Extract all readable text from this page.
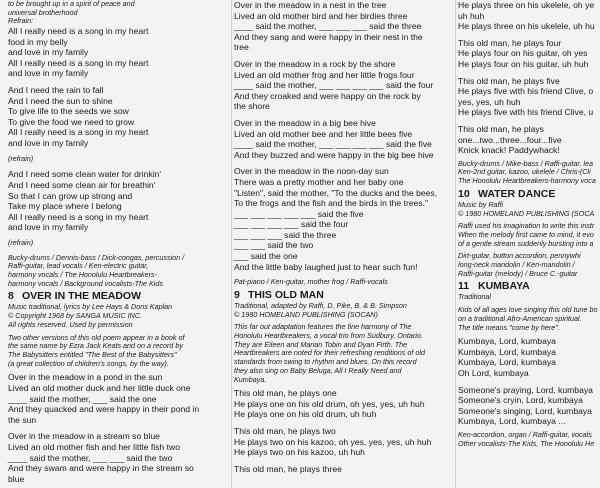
to be brought up in a spirit of peace and
universal brotherhood
Refrain:
All I really need is a song in my heart
food in my belly
and love in my family
All I really need is a song in my heart
and love in my family
And I need the rain to fall
And I need the sun to shine
To give life to the seeds we sow
To give the food we need to grow
All I really need is a song in my heart
and love in my family
(refrain)
And I need some clean water for drinkin'
And I need some clean air for breathin'
So that I can grow up strong and
Take my place where I belong
All I really need is a song in my heart
and love in my family
(refrain)
Bucky-drums / Dennis-bass / Dick-congas, percussion /
Raffi-guitar, lead vocals / Ken-electric guitar,
harmony vocals / The Honolulu Heartbreakers-
harmony vocals / Background vocalists-The Kids
8 OVER IN THE MEADOW
Music traditional, lyrics by Lee Hays & Doris Kaplan
© Copyright 1968 by SANGA MUSIC INC.
All rights reserved. Used by permission
Two other versions of this old poem appear in a book of
the same name by Ezra Jack Keats and on a record by
The Babysitters entitled "The Best of the Babysitters"
(a great collection of children's songs, by the way).
Over in the meadow in a pond in the sun
Lived an old mother duck and her little duck one
____ said the mother, ___ said the one
And they quacked and were happy in their pond in
the sun
Over in the meadow in a stream so blue
Lived an old mother fish and her little fish two
____ said the mother, ___ ___ said the two
And they swam and were happy in the stream so
blue
Over in the meadow in a nest in the tree
Lived an old mother bird and her birdies three
____ said the mother, ___ ___ ___ said the three
And they sang and were happy in their nest in the
tree
Over in the meadow in a rock by the shore
Lived an old mother frog and her little frogs four
____ said the mother, ___ ___ ___ ___ said the four
And they croaked and were happy on the rock by
the shore
Over in the meadow in a big bee hive
Lived an old mother bee and her little bees five
____ said the mother, ___ ___ ___ ___ said the five
And they buzzed and were happy in the big bee hive
Over in the meadow in the noon-day sun
There was a pretty mother and her baby one
"Listen", said the mother, "To the ducks and the bees,
To the frogs and the fish and the birds in the trees."
___ ___ ___ ___ ___ said the five
___ ___ ___ ___ said the four
___ ___ ___ said the three
___ ___ said the two
___ said the one
And the little baby laughed just to hear such fun!
Pat-piano / Ken-guitar, mother frog / Raffi-vocals
9 THIS OLD MAN
Traditional, adapted by Raffi, D. Pike, B. & B. Simpson
© 1980 HOMELAND PUBLISHING (SOCAN)
This far out adaptation features the fine harmony of The
Honolulu Heartbreakers, a vocal trio from Sudbury, Ontario.
They are Eileen and Marian Tobin and Dyan Firth. The
Heartbreakers are noted for their refreshing renditions of old
standards from swing to rhythm and blues. On this record
they also sing on Baby Beluga, All I Really Need and
Kumbaya.
This old man, he plays one
He plays one on his old drum, oh yes, yes, uh huh
He plays one on his old drum, uh huh
This old man, he plays two
He plays two on his kazoo, oh yes, yes, yes, uh huh
He plays two on his kazoo, uh huh
This old man, he plays three
He plays three on his ukelele, oh ye
uh huh
He plays three on his ukelele, uh hu
This old man, he plays four
He plays four on his guitar, oh yes
He plays four on his guitar, uh huh
This old man, he plays five
He plays five with his friend Clive, o
yes, yes, uh huh
He plays five with his friend Clive, u
This old man, he plays
one...two...three...four...five
Knick knack! Paddywhack!
Bucky-drums / Mike-bass / Raffi-guitar, lea
Ken-2nd guitar, kazoo, ukelele / Chris-(Cli
The Honolulu Heartbreakers-harmony voca
10 WATER DANCE
Music by Raffi
© 1980 HOMELAND PUBLISHING (SOCA
Raffi used his imagination to write this instr
When the melody first came to mind, it evo
of a gentle stream suddenly bursting into a
Dirt-guitar, button accordion, pennywhi
long-neck mandolin / Ken-mandolin /
Raffi-guitar (melody) / Bruce C.-guitar
11 KUMBAYA
Traditional
Kids of all ages love singing this old tune bo
on a traditional Afro-American spiritual.
The title means "come by here".
Kumbaya, Lord, kumbaya
Kumbaya, Lord, kumbaya
Kumbaya, Lord, kumbaya
Oh Lord, kumbaya
Someone's praying, Lord, kumbaya
Someone's cryin, Lord, kumbaya
Someone's singing, Lord, kumbaya
Kumbaya, Lord, kumbaya ...
Ken-accordion, organ / Raffi-guitar, vocals
Other vocalists-The Kids, The Honolulu He
